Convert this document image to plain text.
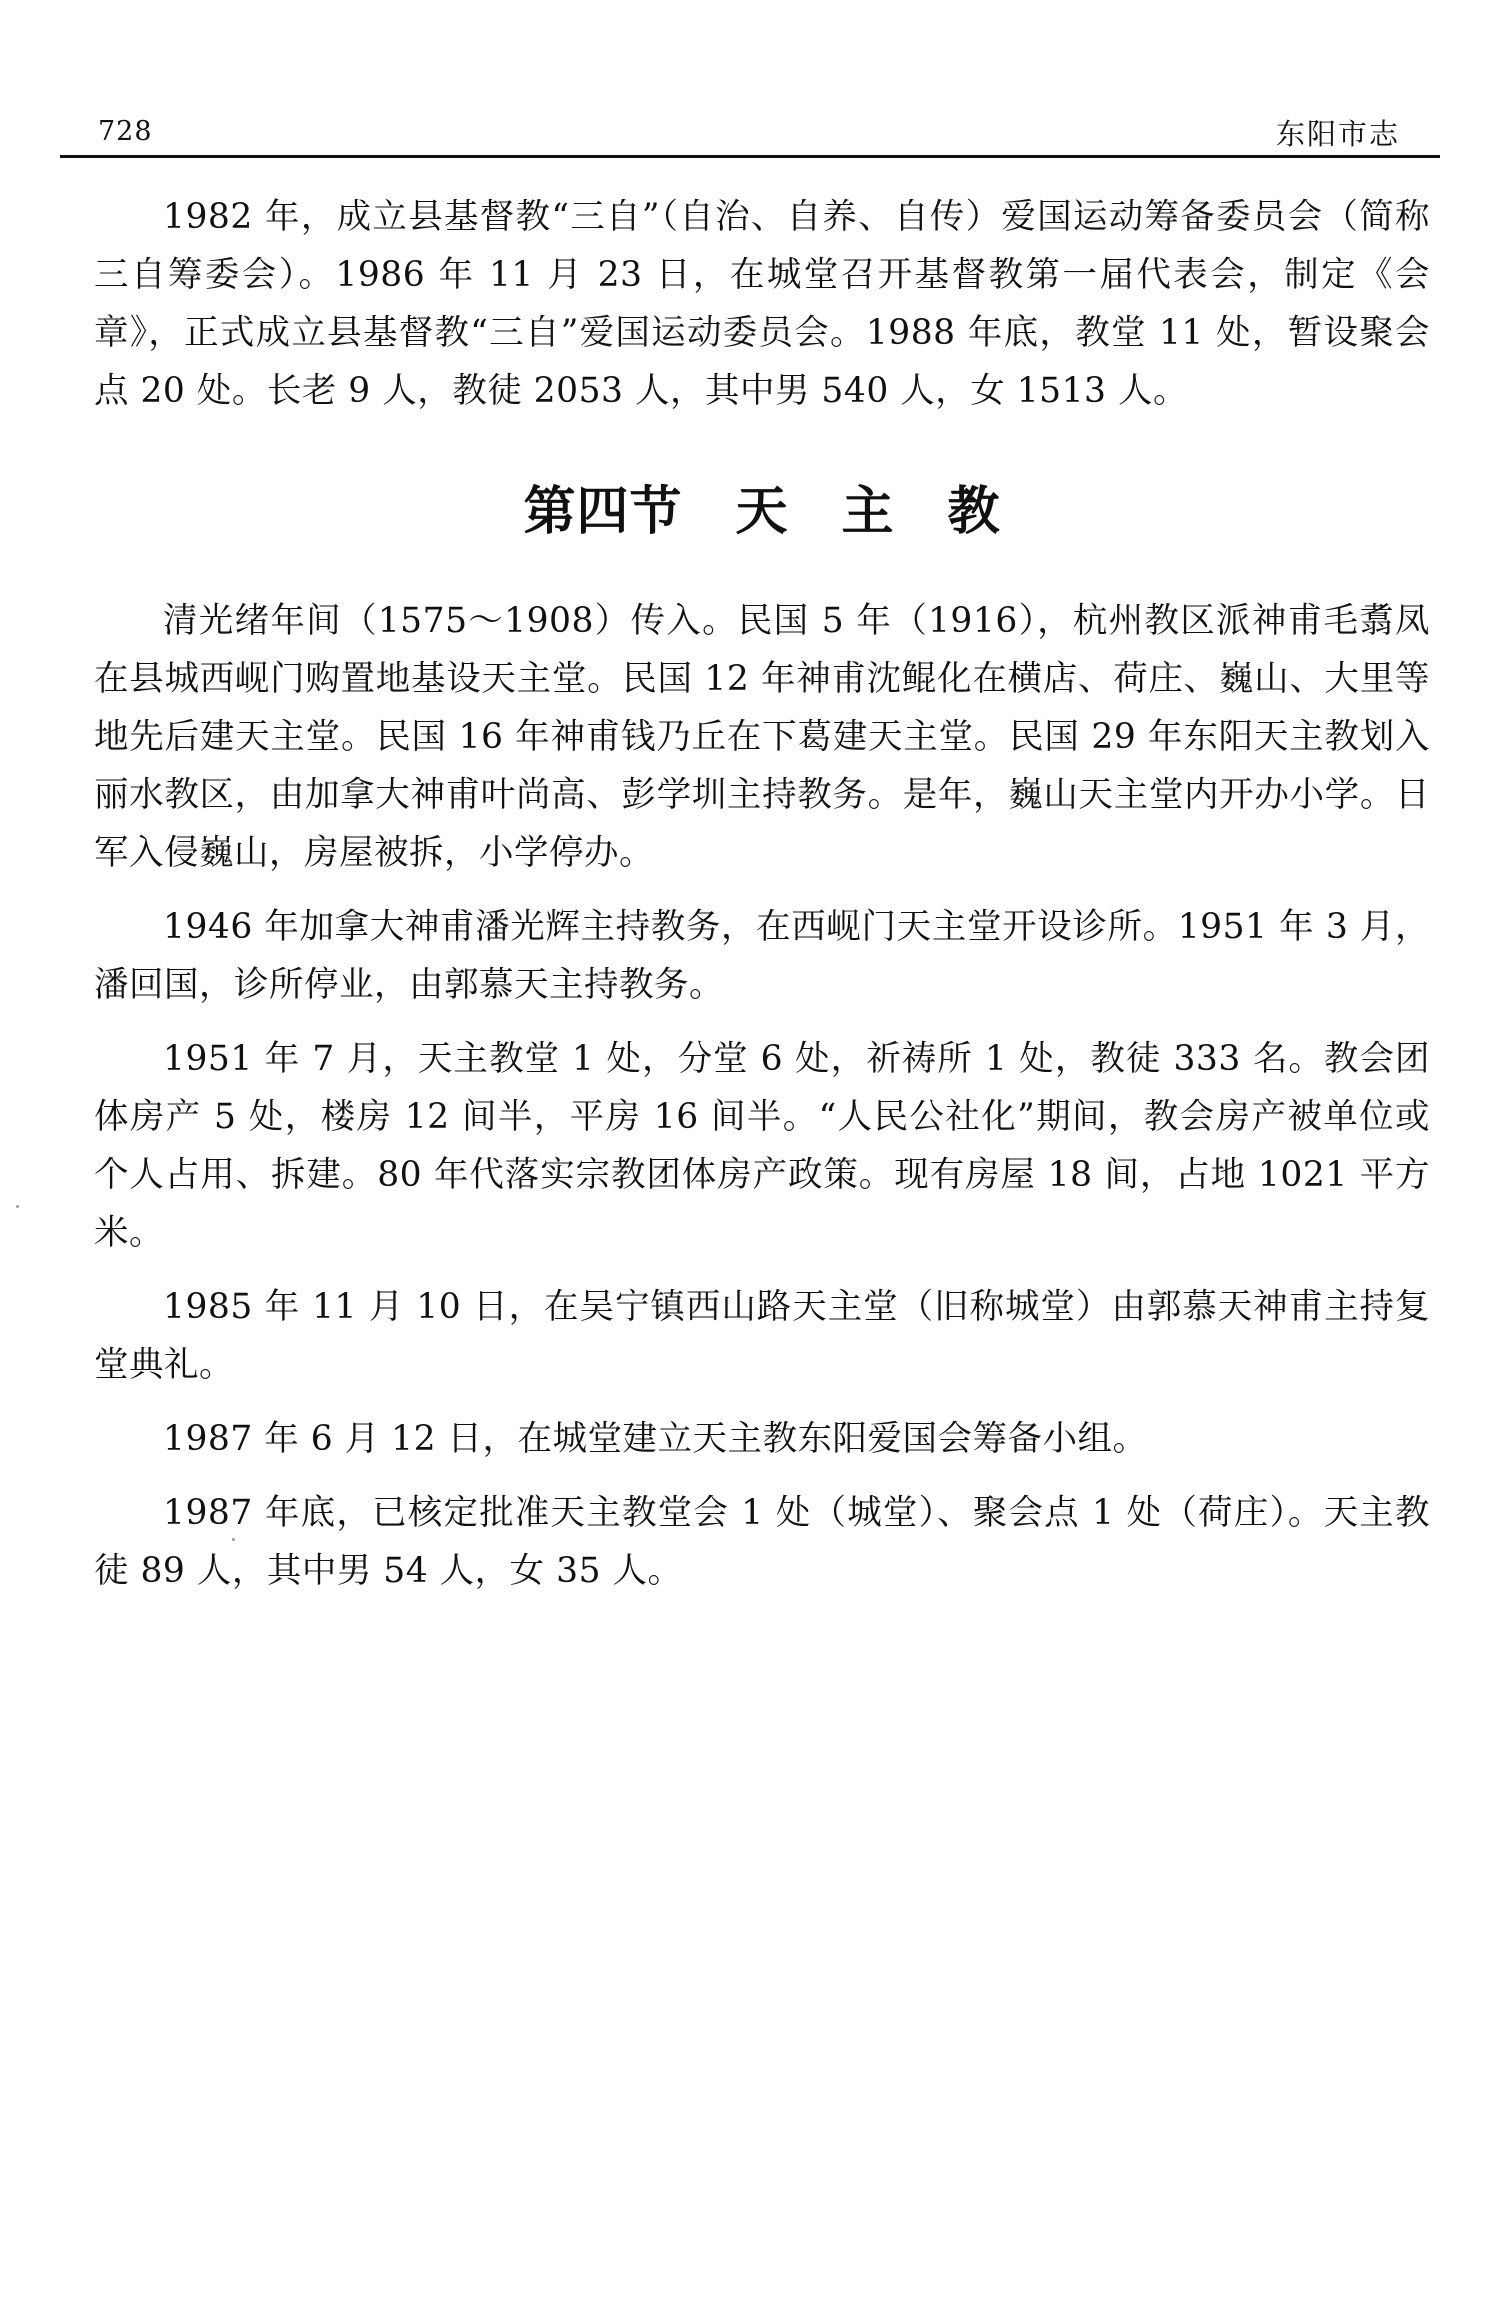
728	东阳市志

1982 年，成立县基督教“三自”（自治、自养、自传）爱国运动筹备委员会（简称三自筹委会）。1986 年 11 月 23 日，在城堂召开基督教第一届代表会，制定《会章》，正式成立县基督教“三自”爱国运动委员会。1988 年底，教堂 11 处，暂设聚会点 20 处。长老 9 人，教徒 2053 人，其中男 540 人，女 1513 人。

第四节　天　主　教

清光绪年间（1575～1908）传入。民国 5 年（1916），杭州教区派神甫毛翥凤在县城西岘门购置地基设天主堂。民国 12 年神甫沈鲲化在横店、荷庄、巍山、大里等地先后建天主堂。民国 16 年神甫钱乃丘在下葛建天主堂。民国 29 年东阳天主教划入丽水教区，由加拿大神甫叶尚高、彭学圳主持教务。是年，巍山天主堂内开办小学。日军入侵巍山，房屋被拆，小学停办。

1946 年加拿大神甫潘光辉主持教务，在西岘门天主堂开设诊所。1951 年 3 月，潘回国，诊所停业，由郭慕天主持教务。

1951 年 7 月，天主教堂 1 处，分堂 6 处，祈祷所 1 处，教徒 333 名。教会团体房产 5 处，楼房 12 间半，平房 16 间半。“人民公社化”期间，教会房产被单位或个人占用、拆建。80 年代落实宗教团体房产政策。现有房屋 18 间，占地 1021 平方米。

1985 年 11 月 10 日，在吴宁镇西山路天主堂（旧称城堂）由郭慕天神甫主持复堂典礼。

1987 年 6 月 12 日，在城堂建立天主教东阳爱国会筹备小组。

1987 年底，已核定批准天主教堂会 1 处（城堂）、聚会点 1 处（荷庄）。天主教徒 89 人，其中男 54 人，女 35 人。
